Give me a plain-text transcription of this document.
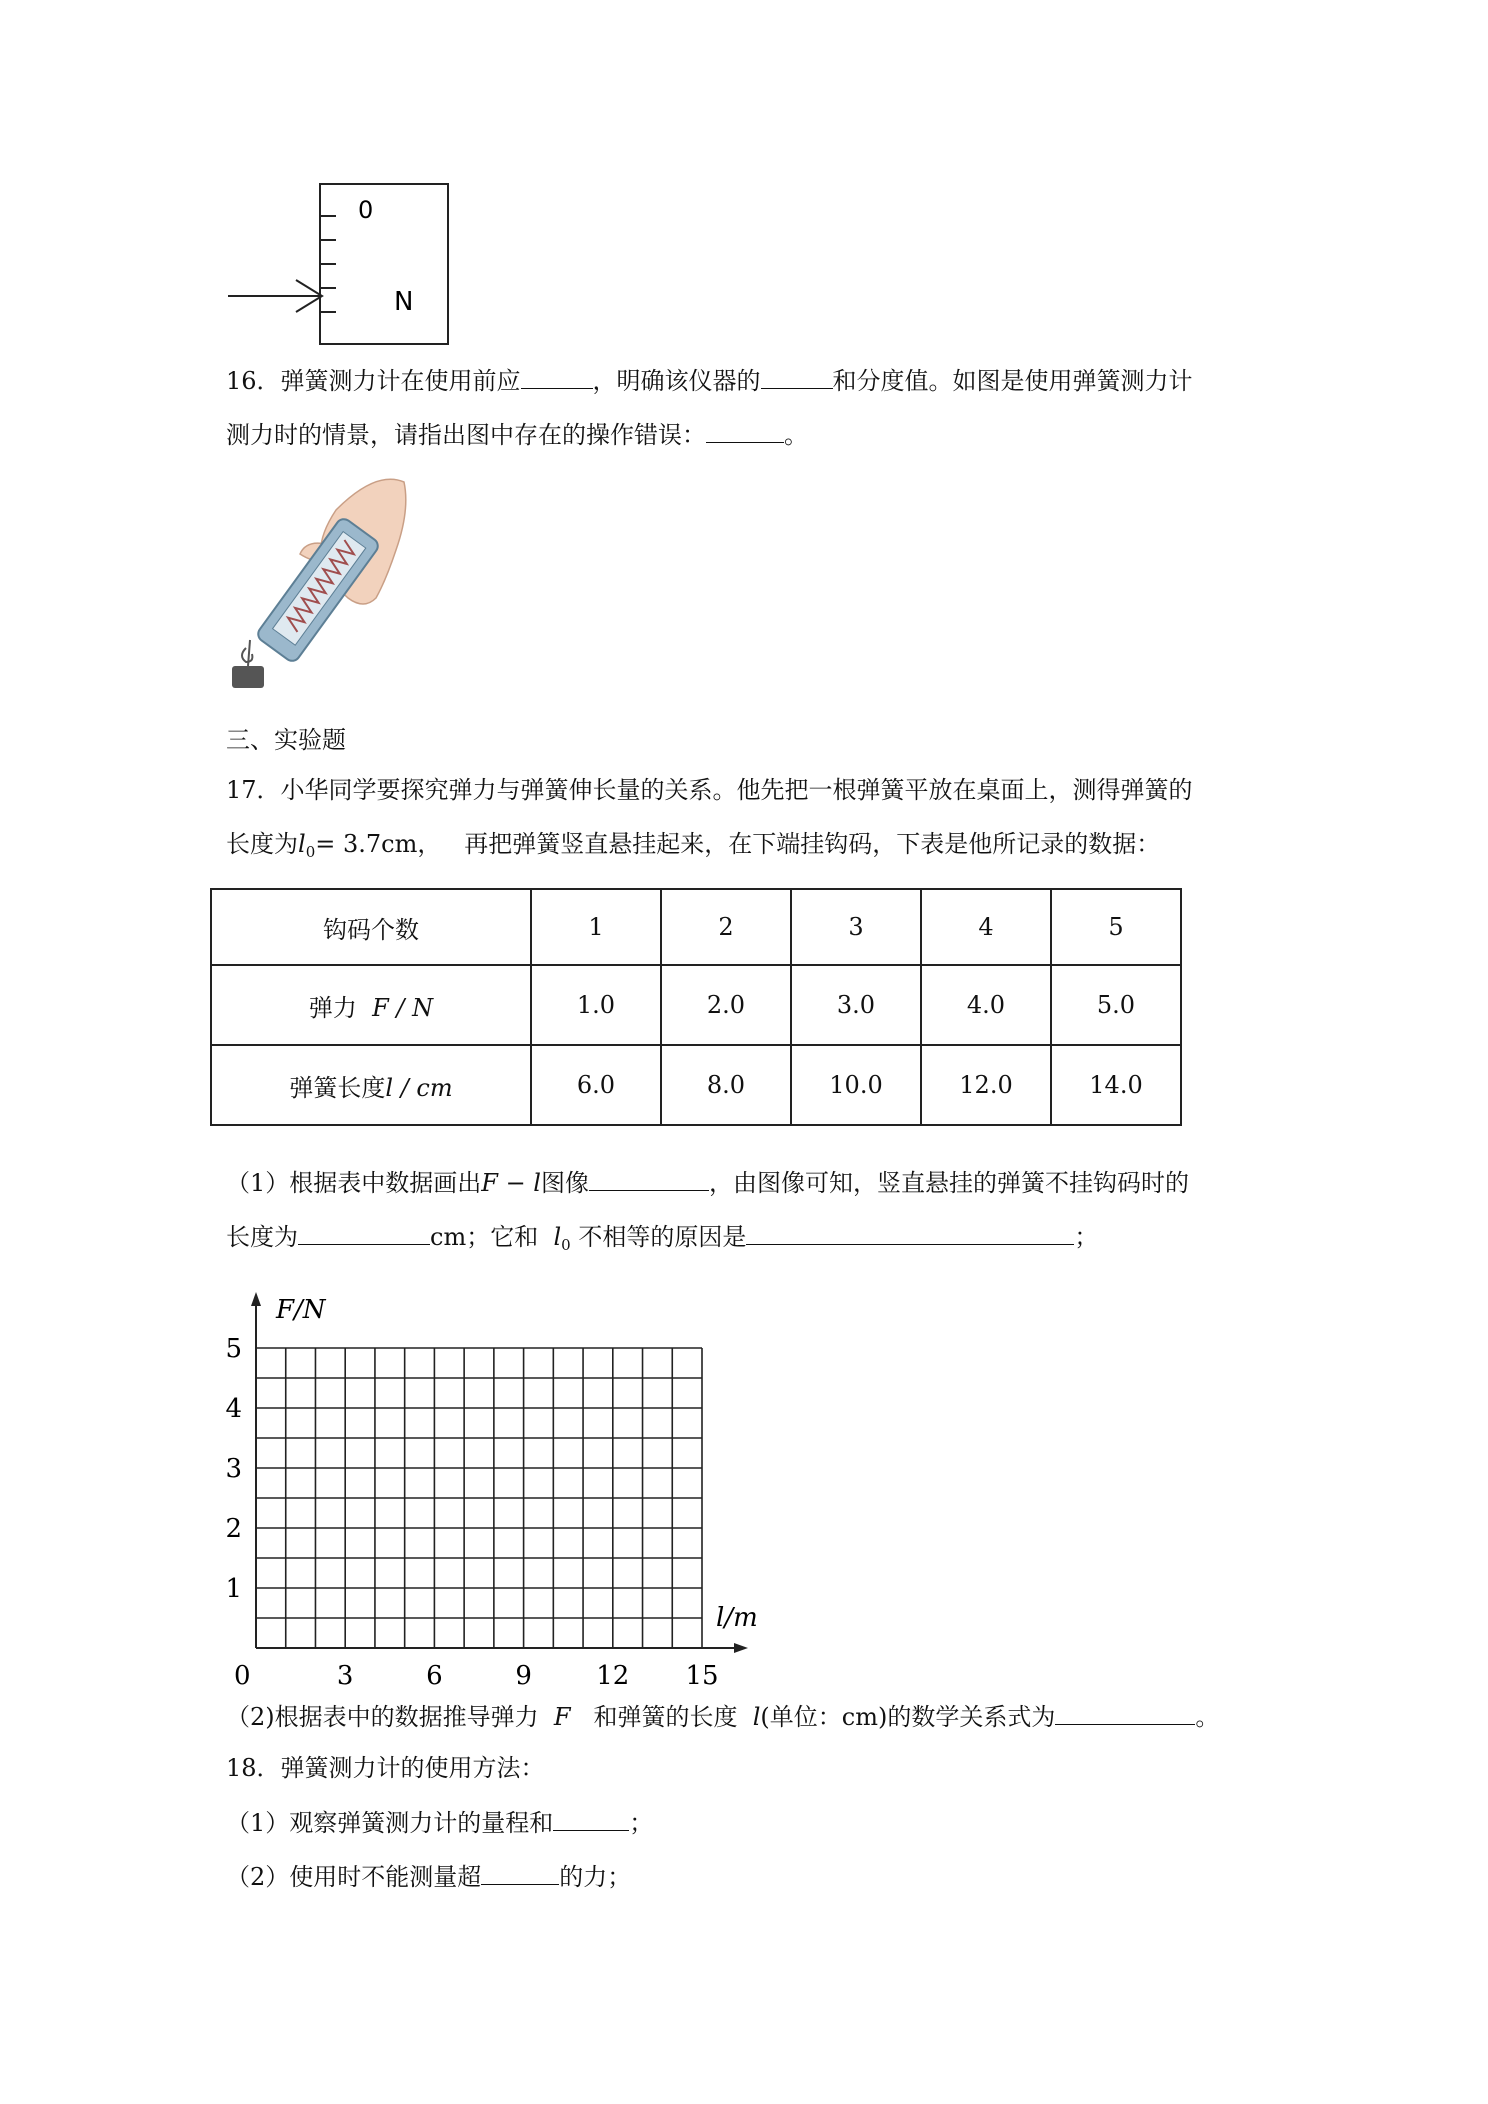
0
N
16．弹簧测力计在使用前应	，明确该仪器的	和分度值。如图是使用弹簧测力计
测力时的情景，请指出图中存在的操作错误：	。
三、实验题
17．小华同学要探究弹力与弹簧伸长量的关系。他先把一根弹簧平放在桌面上，测得弹簧的
长度为$l_0= 3.7cm$， 再把弹簧竖直悬挂起来，在下端挂钩码，下表是他所记录的数据：
钩码个数	1	2	3	4	5
弹力 F / N	1.0	2.0	3.0	4.0	5.0
弹簧长度l / cm	6.0	8.0	10.0	12.0	14.0
（1）根据表中数据画出F − l图像	，由图像可知，竖直悬挂的弹簧不挂钩码时的
长度为	cm；它和 $l_0$ 不相等的原因是	；
F/N
l/m
0	3	6	9 12 15
1
2
3
4
5
（2)根据表中的数据推导弹力 F 和弹簧的长度 l(单位：cm)的数学关系式为	。
18．弹簧测力计的使用方法：
（1）观察弹簧测力计的量程和	；
（2）使用时不能测量超	的力；
